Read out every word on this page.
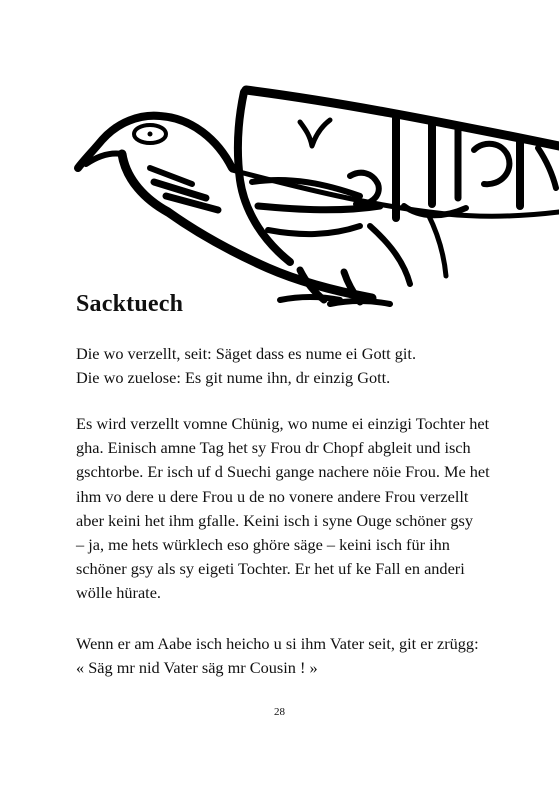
Sacktuech

Die wo verzellt, seit: Säget dass es nume ei Gott git.
Die wo zuelose: Es git nume ihn, dr einzig Gott.

Es wird verzellt vomne Chünig, wo nume ei einzigi Tochter het
gha. Einisch amne Tag het sy Frou dr Chopf abgleit und isch
gschtorbe. Er isch uf d Suechi gange nachere nöie Frou. Me het
ihm vo dere u dere Frou u de no vonere andere Frou verzellt
aber keini het ihm gfalle. Keini isch i syne Ouge schöner gsy
– ja, me hets würklech eso ghöre säge – keini isch für ihn
schöner gsy als sy eigeti Tochter. Er het uf ke Fall en anderi
wölle hürate.

Wenn er am Aabe isch heicho u si ihm Vater seit, git er zrügg:
« Säg mr nid Vater säg mr Cousin ! »

28
